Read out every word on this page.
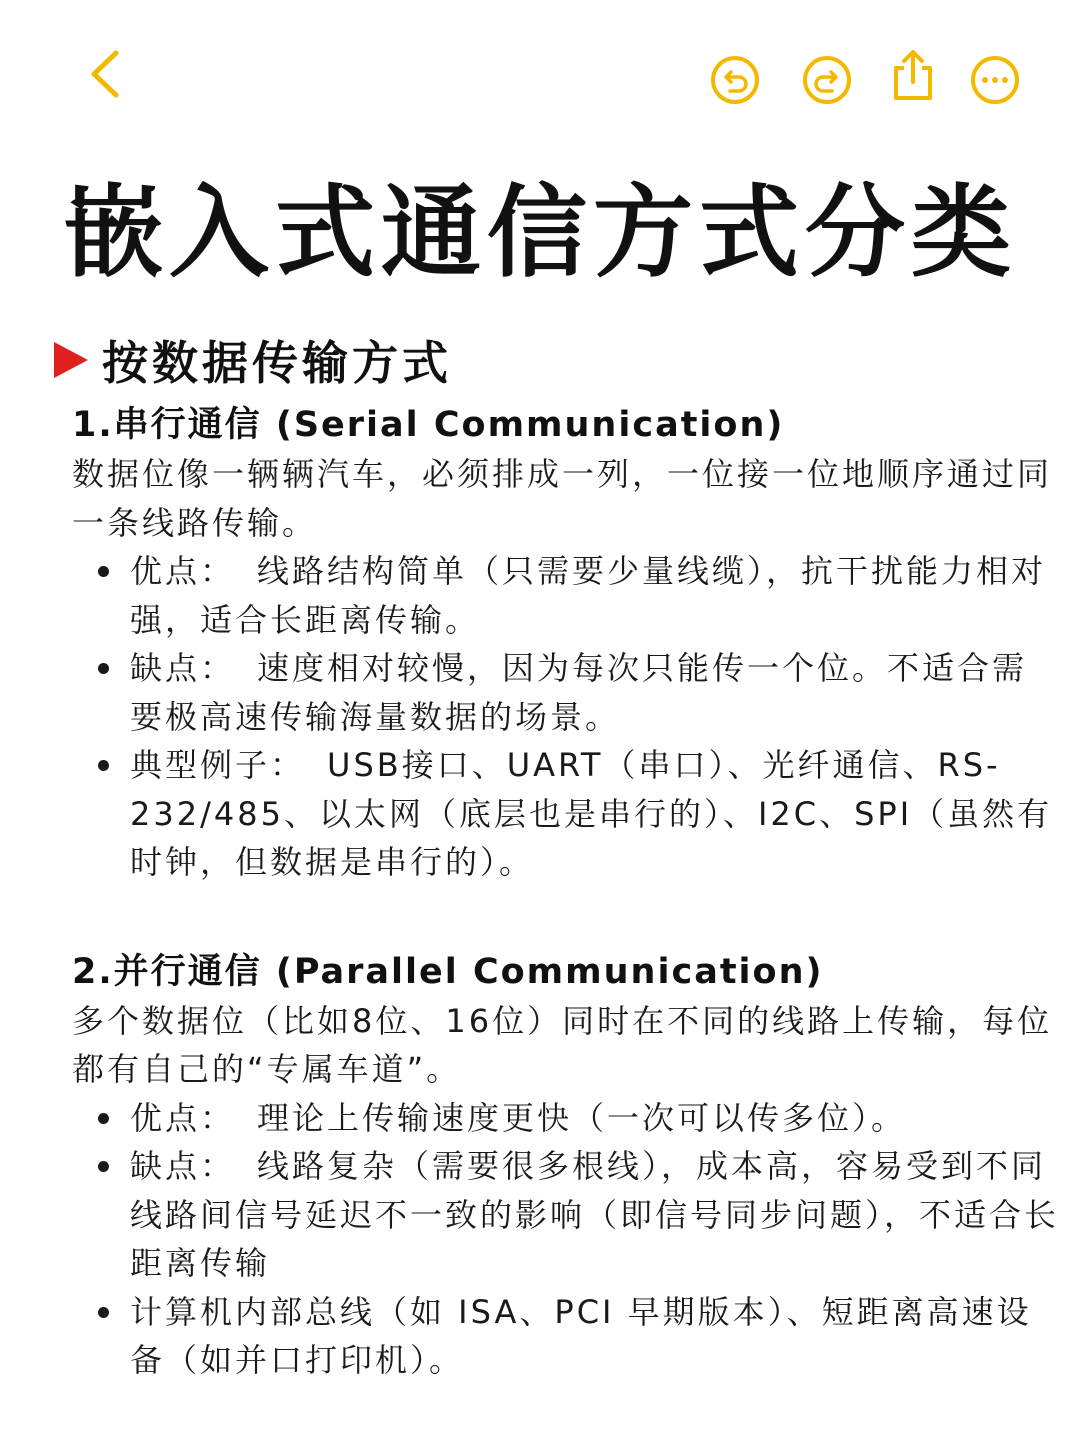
嵌入式通信方式分类
按数据传输方式
1.串行通信 (Serial Communication)

数据位像一辆辆汽车，必须排成一列，一位接一位地顺序通过同一条线路传输。

优点： 线路结构简单（只需要少量线缆），抗干扰能力相对强，适合长距离传输。
缺点： 速度相对较慢，因为每次只能传一个位。不适合需要极高速传输海量数据的场景。
典型例子： USB接口、UART（串口）、光纤通信、RS-232/485、以太网（底层也是串行的）、I2C、SPI（虽然有时钟，但数据是串行的）。
2.并行通信 (Parallel Communication)

多个数据位（比如8位、16位）同时在不同的线路上传输，每位都有自己的“专属车道”。

优点： 理论上传输速度更快（一次可以传多位）。
缺点： 线路复杂（需要很多根线），成本高，容易受到不同线路间信号延迟不一致的影响（即信号同步问题），不适合长距离传输
计算机内部总线（如 ISA、PCI 早期版本）、短距离高速设备（如并口打印机）。
